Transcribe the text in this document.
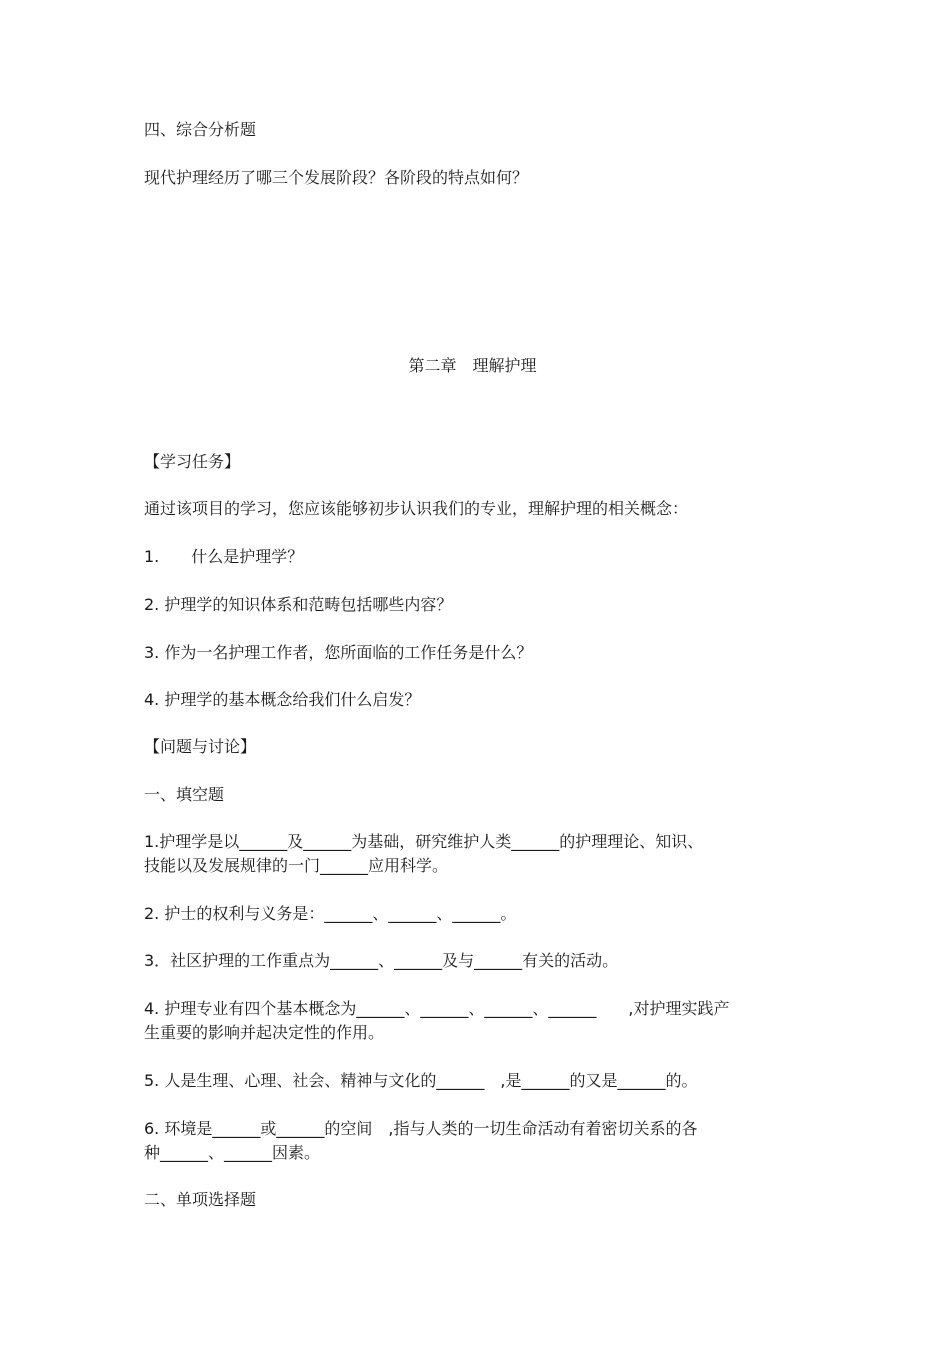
四、综合分析题
现代护理经历了哪三个发展阶段？各阶段的特点如何？
第二章　理解护理
【学习任务】
通过该项目的学习，您应该能够初步认识我们的专业，理解护理的相关概念：
1.　　什么是护理学？
2. 护理学的知识体系和范畴包括哪些内容？
3. 作为一名护理工作者，您所面临的工作任务是什么？
4. 护理学的基本概念给我们什么启发？
【问题与讨论】
一、填空题
1.护理学是以______及______为基础，研究维护人类______的护理理论、知识、
技能以及发展规律的一门______应用科学。
2. 护士的权利与义务是：______、______、______。
3．社区护理的工作重点为______、______及与______有关的活动。
4. 护理专业有四个基本概念为______、______、______、______　　,对护理实践产
生重要的影响并起决定性的作用。
5. 人是生理、心理、社会、精神与文化的______　,是______的又是______的。
6. 环境是______或______的空间　,指与人类的一切生命活动有着密切关系的各
种______、______因素。
二、单项选择题
